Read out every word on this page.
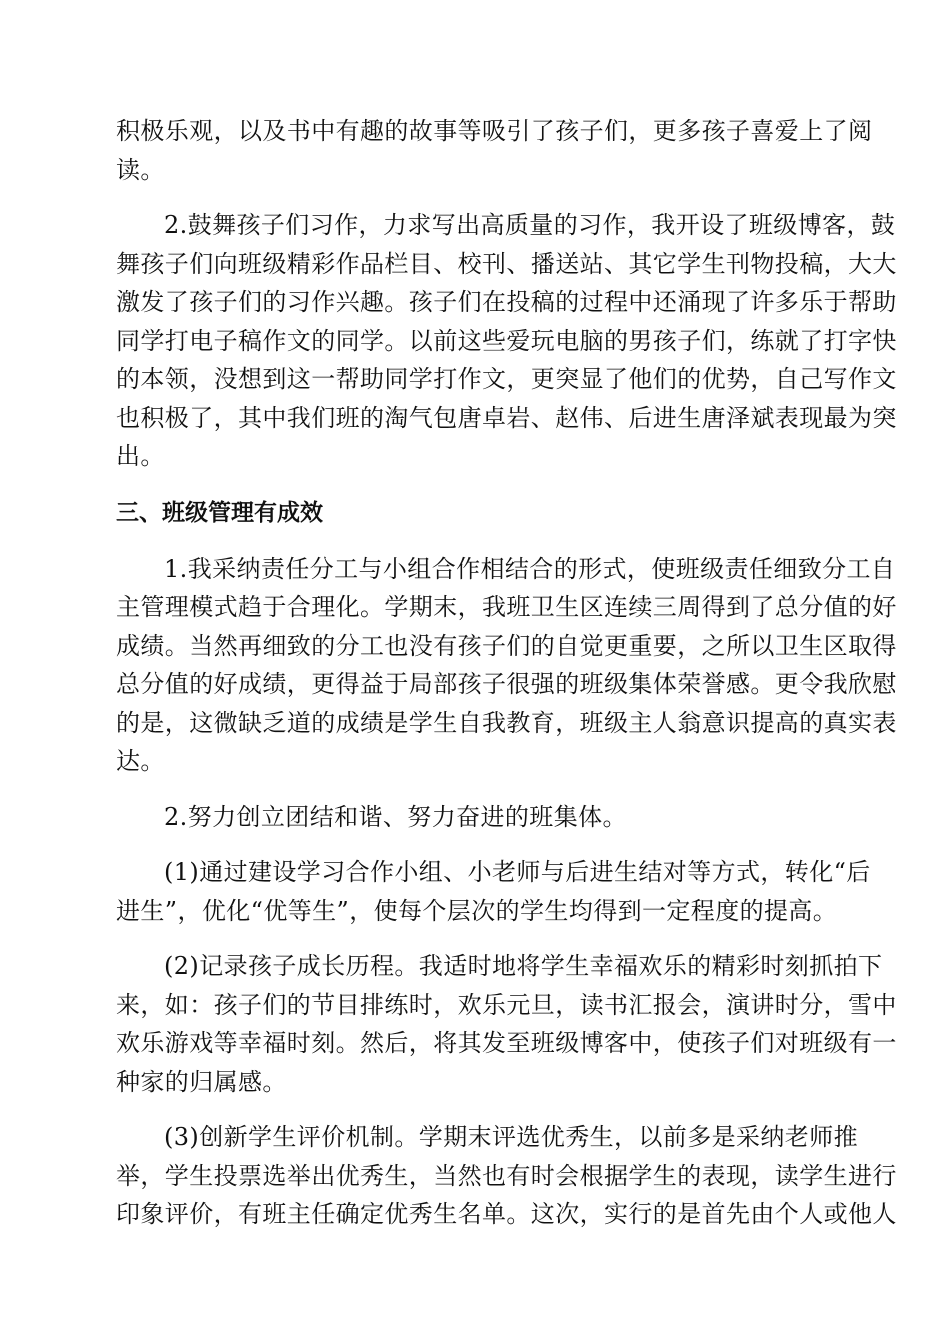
积极乐观，以及书中有趣的故事等吸引了孩子们，更多孩子喜爱上了阅
读。
2.鼓舞孩子们习作，力求写出高质量的习作，我开设了班级博客，鼓
舞孩子们向班级精彩作品栏目、校刊、播送站、其它学生刊物投稿，大大
激发了孩子们的习作兴趣。孩子们在投稿的过程中还涌现了许多乐于帮助
同学打电子稿作文的同学。以前这些爱玩电脑的男孩子们，练就了打字快
的本领，没想到这一帮助同学打作文，更突显了他们的优势，自己写作文
也积极了，其中我们班的淘气包唐卓岩、赵伟、后进生唐泽斌表现最为突
出。
三、班级管理有成效
1.我采纳责任分工与小组合作相结合的形式，使班级责任细致分工自
主管理模式趋于合理化。学期末，我班卫生区连续三周得到了总分值的好
成绩。当然再细致的分工也没有孩子们的自觉更重要，之所以卫生区取得
总分值的好成绩，更得益于局部孩子很强的班级集体荣誉感。更令我欣慰
的是，这微缺乏道的成绩是学生自我教育，班级主人翁意识提高的真实表
达。
2.努力创立团结和谐、努力奋进的班集体。
(1)通过建设学习合作小组、小老师与后进生结对等方式，转化“后
进生”，优化“优等生”，使每个层次的学生均得到一定程度的提高。
(2)记录孩子成长历程。我适时地将学生幸福欢乐的精彩时刻抓拍下
来，如：孩子们的节目排练时，欢乐元旦，读书汇报会，演讲时分，雪中
欢乐游戏等幸福时刻。然后，将其发至班级博客中，使孩子们对班级有一
种家的归属感。
(3)创新学生评价机制。学期末评选优秀生，以前多是采纳老师推
举，学生投票选举出优秀生，当然也有时会根据学生的表现，读学生进行
印象评价，有班主任确定优秀生名单。这次，实行的是首先由个人或他人
